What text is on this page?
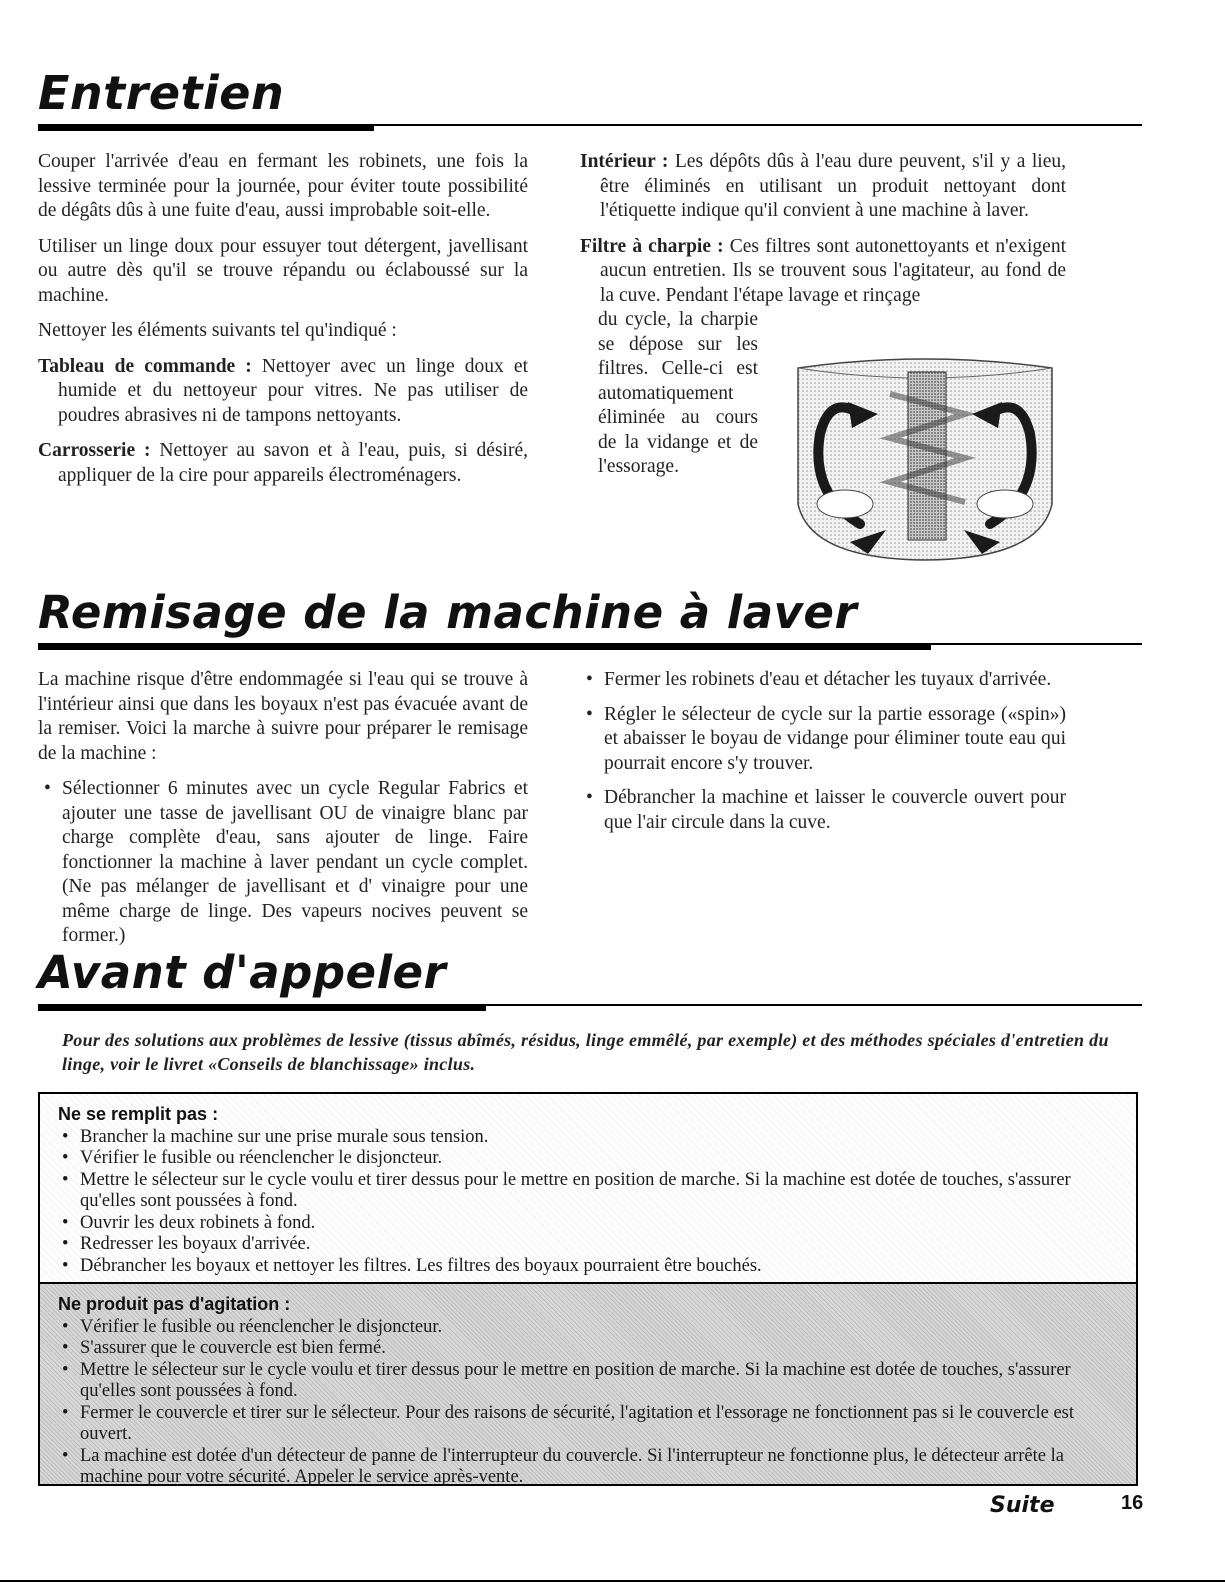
Entretien

Couper l'arrivée d'eau en fermant les robinets, une fois la lessive terminée pour la journée, pour éviter toute possibilité de dégâts dûs à une fuite d'eau, aussi improbable soit-elle.

Utiliser un linge doux pour essuyer tout détergent, javellisant ou autre dès qu'il se trouve répandu ou éclaboussé sur la machine.

Nettoyer les éléments suivants tel qu'indiqué :

Tableau de commande : Nettoyer avec un linge doux et humide et du nettoyeur pour vitres. Ne pas utiliser de poudres abrasives ni de tampons nettoyants.

Carrosserie : Nettoyer au savon et à l'eau, puis, si désiré, appliquer de la cire pour appareils électroménagers.

Intérieur : Les dépôts dûs à l'eau dure peuvent, s'il y a lieu, être éliminés en utilisant un produit nettoyant dont l'étiquette indique qu'il convient à une machine à laver.

Filtre à charpie : Ces filtres sont autonettoyants et n'exigent aucun entretien. Ils se trouvent sous l'agitateur, au fond de la cuve. Pendant l'étape lavage et rinçage

du cycle, la charpie se dépose sur les filtres. Celle-ci est automatiquement éliminée au cours de la vidange et de l'essorage.

Remisage de la machine à laver

La machine risque d'être endommagée si l'eau qui se trouve à l'intérieur ainsi que dans les boyaux n'est pas évacuée avant de la remiser. Voici la marche à suivre pour préparer le remisage de la machine :

• Sélectionner 6 minutes avec un cycle Regular Fabrics et ajouter une tasse de javellisant OU de vinaigre blanc par charge complète d'eau, sans ajouter de linge. Faire fonctionner la machine à laver pendant un cycle complet. (Ne pas mélanger de javellisant et d' vinaigre pour une même charge de linge. Des vapeurs nocives peuvent se former.)
• Fermer les robinets d'eau et détacher les tuyaux d'arrivée.
• Régler le sélecteur de cycle sur la partie essorage («spin») et abaisser le boyau de vidange pour éliminer toute eau qui pourrait encore s'y trouver.
• Débrancher la machine et laisser le couvercle ouvert pour que l'air circule dans la cuve.
Avant d'appeler
Pour des solutions aux problèmes de lessive (tissus abîmés, résidus, linge emmêlé, par exemple) et des méthodes spéciales d'entretien du linge, voir le livret «Conseils de blanchissage» inclus.
Ne se remplit pas :
• Brancher la machine sur une prise murale sous tension.
• Vérifier le fusible ou réenclencher le disjoncteur.
• Mettre le sélecteur sur le cycle voulu et tirer dessus pour le mettre en position de marche. Si la machine est dotée de touches, s'assurer qu'elles sont poussées à fond.
• Ouvrir les deux robinets à fond.
• Redresser les boyaux d'arrivée.
• Débrancher les boyaux et nettoyer les filtres. Les filtres des boyaux pourraient être bouchés.
Ne produit pas d'agitation :
• Vérifier le fusible ou réenclencher le disjoncteur.
• S'assurer que le couvercle est bien fermé.
• Mettre le sélecteur sur le cycle voulu et tirer dessus pour le mettre en position de marche. Si la machine est dotée de touches, s'assurer qu'elles sont poussées à fond.
• Fermer le couvercle et tirer sur le sélecteur. Pour des raisons de sécurité, l'agitation et l'essorage ne fonctionnent pas si le couvercle est ouvert.
• La machine est dotée d'un détecteur de panne de l'interrupteur du couvercle. Si l'interrupteur ne fonctionne plus, le détecteur arrête la machine pour votre sécurité. Appeler le service après-vente.
Suite	16
